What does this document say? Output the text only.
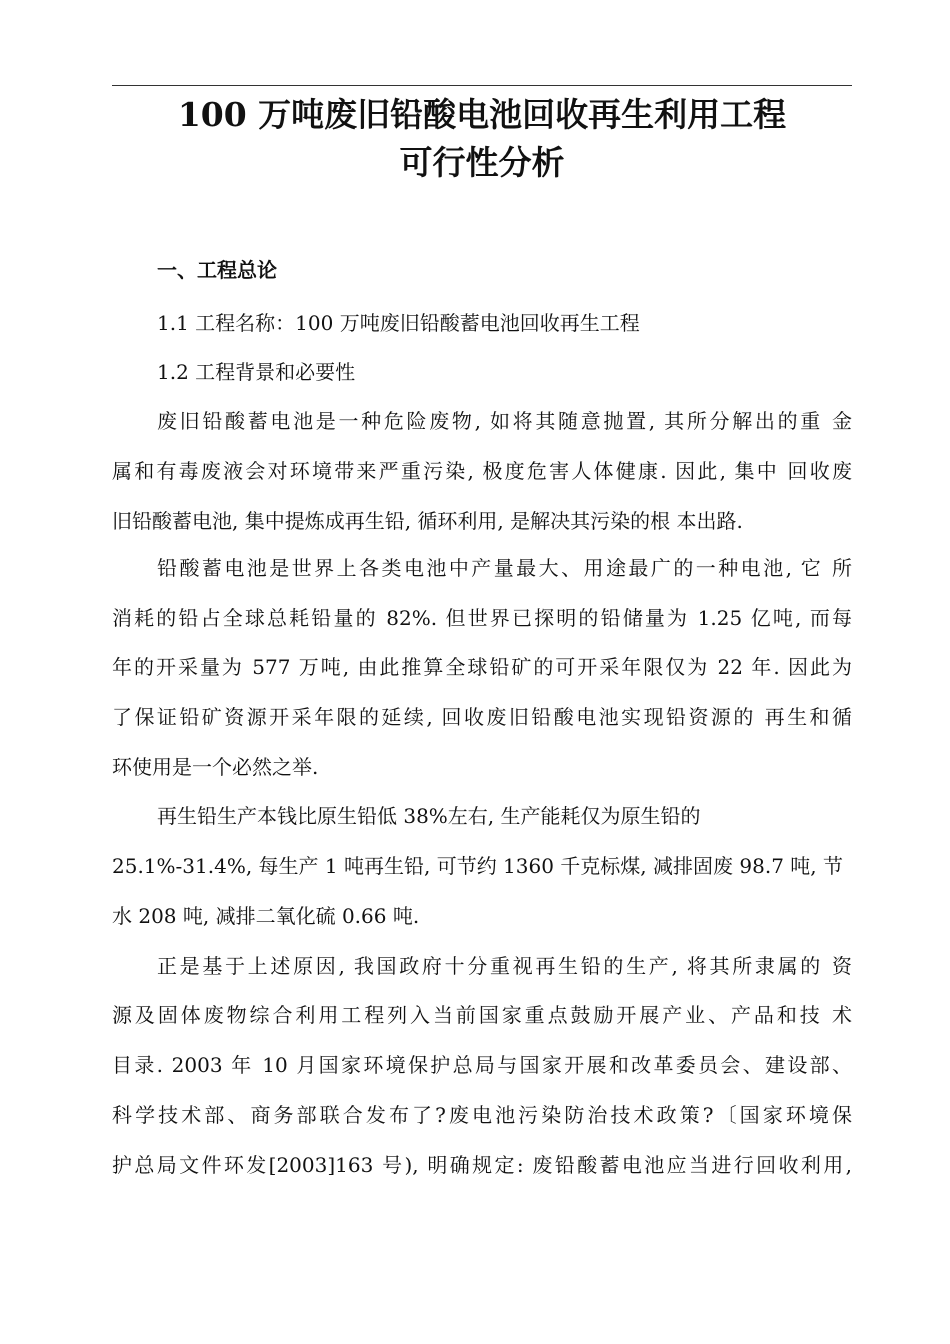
100 万吨废旧铅酸电池回收再生利用工程
可行性分析
一、工程总论
1.1 工程名称：100 万吨废旧铅酸蓄电池回收再生工程
1.2 工程背景和必要性
废旧铅酸蓄电池是一种危险废物, 如将其随意抛置, 其所分解出的重 金
属和有毒废液会对环境带来严重污染, 极度危害人体健康. 因此, 集中 回收废
旧铅酸蓄电池, 集中提炼成再生铅, 循环利用, 是解决其污染的根 本出路.
铅酸蓄电池是世界上各类电池中产量最大、用途最广的一种电池, 它 所
消耗的铅占全球总耗铅量的 82%. 但世界已探明的铅储量为 1.25 亿吨, 而每
年的开采量为 577 万吨, 由此推算全球铅矿的可开采年限仅为 22 年. 因此为
了保证铅矿资源开采年限的延续, 回收废旧铅酸电池实现铅资源的 再生和循
环使用是一个必然之举.
再生铅生产本钱比原生铅低 38%左右, 生产能耗仅为原生铅的
25.1%-31.4%, 每生产 1 吨再生铅, 可节约 1360 千克标煤, 减排固废 98.7 吨, 节
水 208 吨, 减排二氧化硫 0.66 吨.
正是基于上述原因, 我国政府十分重视再生铅的生产, 将其所隶属的 资
源及固体废物综合利用工程列入当前国家重点鼓励开展产业、产品和技 术
目录. 2003 年 10 月国家环境保护总局与国家开展和改革委员会、建设部、
科学技术部、商务部联合发布了?废电池污染防治技术政策?〔国家环境保
护总局文件环发[2003]163 号), 明确规定: 废铅酸蓄电池应当进行回收利用,
